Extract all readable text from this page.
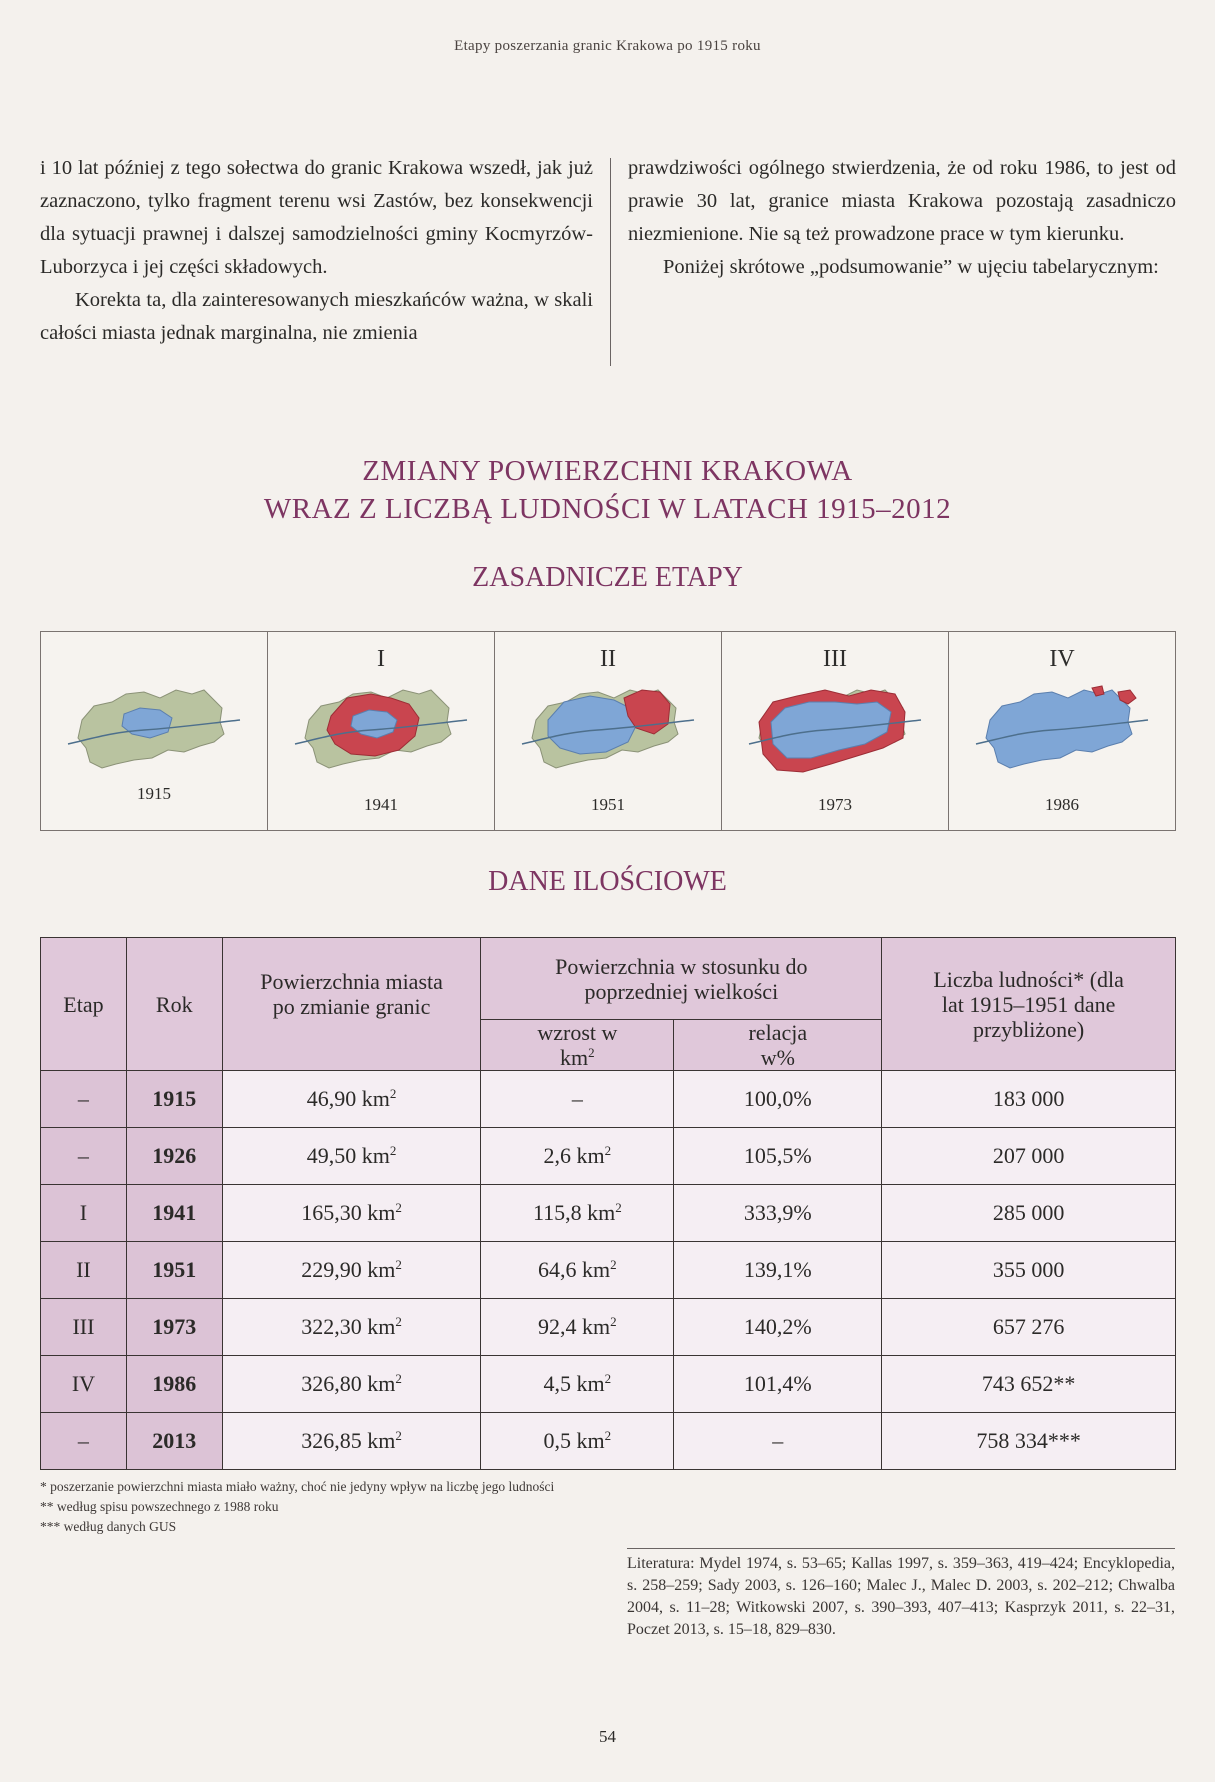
Etapy poszerzania granic Krakowa po 1915 roku

i 10 lat później z tego sołectwa do granic Krakowa wszedł, jak już zaznaczono, tylko fragment terenu wsi Zastów, bez konsekwencji dla sytuacji prawnej i dalszej samodzielności gminy Kocmyrzów-Luborzyca i jej części składowych.

Korekta ta, dla zainteresowanych mieszkańców ważna, w skali całości miasta jednak marginalna, nie zmienia

prawdziwości ogólnego stwierdzenia, że od roku 1986, to jest od prawie 30 lat, granice miasta Krakowa pozostają zasadniczo niezmienione. Nie są też prowadzone prace w tym kierunku.

Poniżej skrótowe „podsumowanie” w ujęciu tabelarycznym:

ZMIANY POWIERZCHNI KRAKOWA
WRAZ Z LICZBĄ LUDNOŚCI W LATACH 1915–2012
ZASADNICZE ETAPY
1915
I
1941
II
1951
III
1973
IV
1986
DANE ILOŚCIOWE
Etap	Rok	Powierzchnia miasta po zmianie granic	Powierzchnia w stosunku do poprzedniej wielkości		Liczba ludności* (dla lat 1915–1951 dane przybliżone)

			wzrost w $km^2$	relacja w%	

–	1915	46,90 $km^2$	–	100,0%	183 000
–	1926	49,50 $km^2$	2,6 $km^2$	105,5%	207 000
I	1941	165,30 $km^2$	115,8 $km^2$	333,9%	285 000
II	1951	229,90 $km^2$	64,6 $km^2$	139,1%	355 000
III	1973	322,30 $km^2$	92,4 $km^2$	140,2%	657 276
IV	1986	326,80 $km^2$	4,5 $km^2$	101,4%	743 652**
–	2013	326,85 $km^2$	0,5 $km^2$	–	758 334***
* poszerzanie powierzchni miasta miało ważny, choć nie jedyny wpływ na liczbę jego ludności
** według spisu powszechnego z 1988 roku
*** według danych GUS
Literatura: Mydel 1974, s. 53–65; Kallas 1997, s. 359–363, 419–424; Encyklopedia, s. 258–259; Sady 2003, s. 126–160; Malec J., Malec D. 2003, s. 202–212; Chwalba 2004, s. 11–28; Witkowski 2007, s. 390–393, 407–413; Kasprzyk 2011, s. 22–31, Poczet 2013, s. 15–18, 829–830.
54
